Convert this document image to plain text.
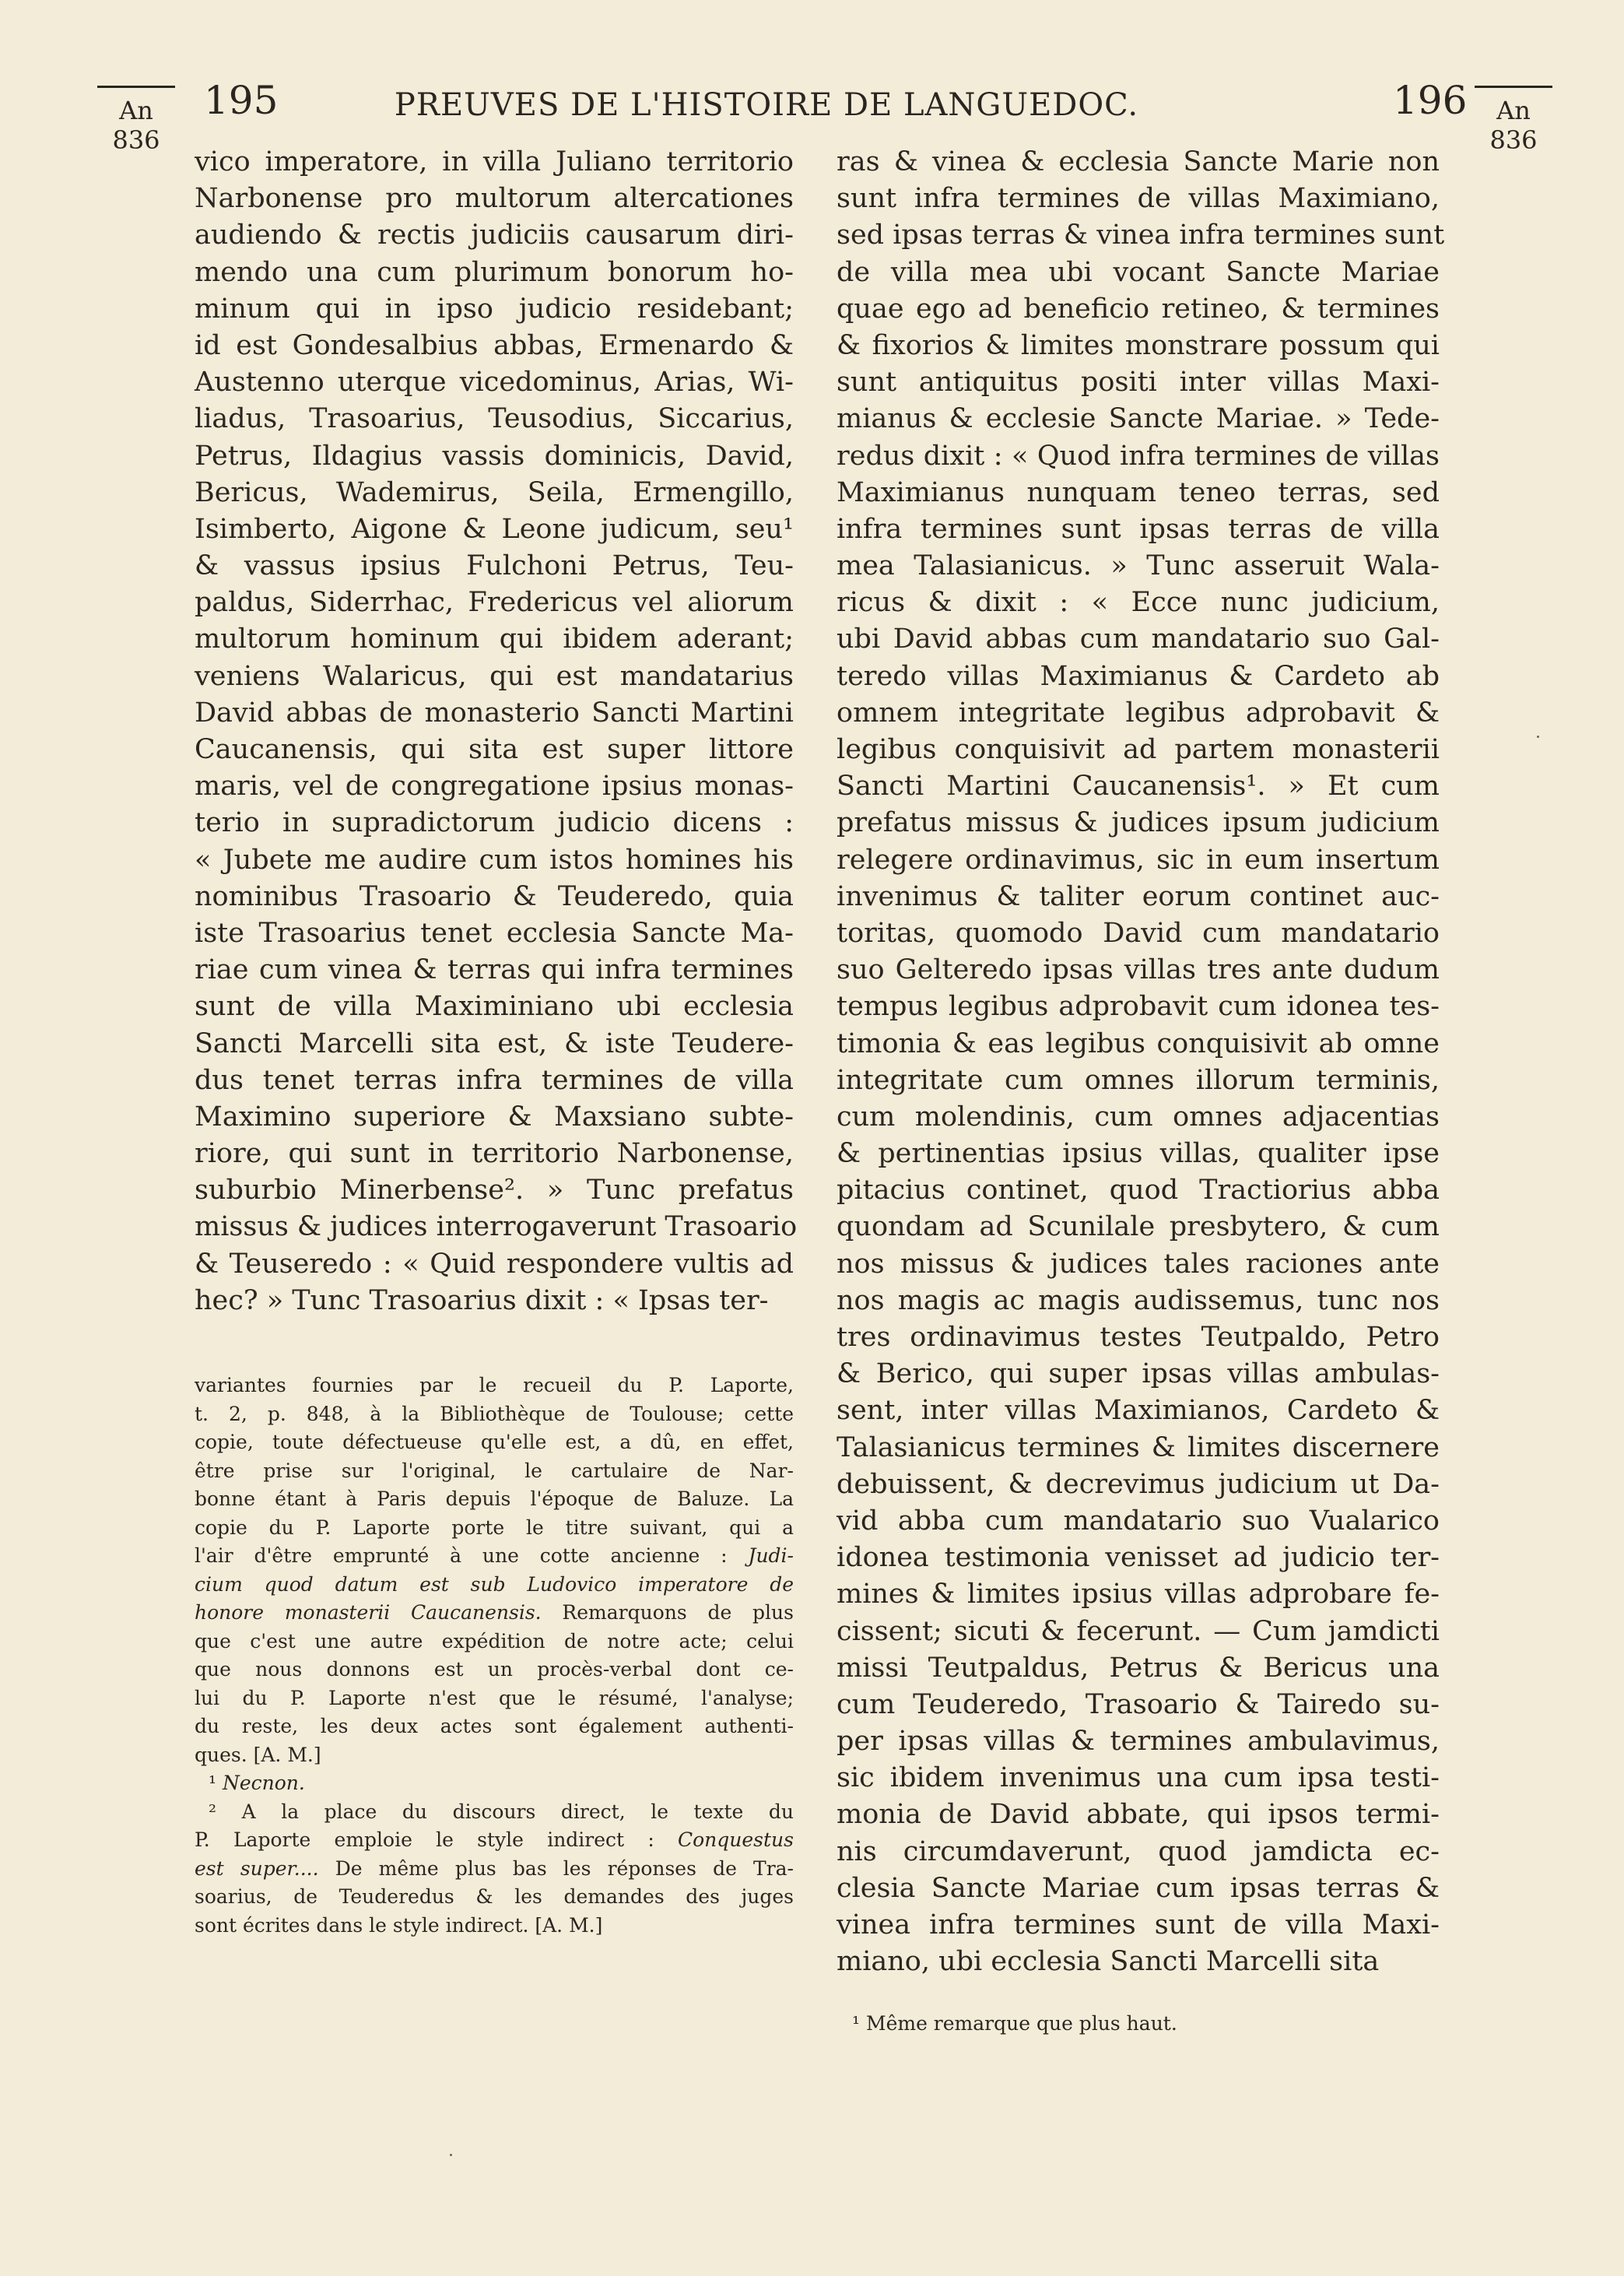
An
836
An
836
195	PREUVES DE L'HISTOIRE DE LANGUEDOC.	196
vico imperatore, in villa Juliano territorio
Narbonense pro multorum altercationes
audiendo & rectis judiciis causarum diri-
mendo una cum plurimum bonorum ho-
minum qui in ipso judicio residebant;
id est Gondesalbius abbas, Ermenardo &
Austenno uterque vicedominus, Arias, Wi-
liadus, Trasoarius, Teusodius, Siccarius,
Petrus, Ildagius vassis dominicis, David,
Bericus, Wademirus, Seila, Ermengillo,
Isimberto, Aigone & Leone judicum, seu¹
& vassus ipsius Fulchoni Petrus, Teu-
paldus, Siderrhac, Fredericus vel aliorum
multorum hominum qui ibidem aderant;
veniens Walaricus, qui est mandatarius
David abbas de monasterio Sancti Martini
Caucanensis, qui sita est super littore
maris, vel de congregatione ipsius monas-
terio in supradictorum judicio dicens :
« Jubete me audire cum istos homines his
nominibus Trasoario & Teuderedo, quia
iste Trasoarius tenet ecclesia Sancte Ma-
riae cum vinea & terras qui infra termines
sunt de villa Maximiniano ubi ecclesia
Sancti Marcelli sita est, & iste Teudere-
dus tenet terras infra termines de villa
Maximino superiore & Maxsiano subte-
riore, qui sunt in territorio Narbonense,
suburbio Minerbense². » Tunc prefatus
missus & judices interrogaverunt Trasoario
& Teuseredo : « Quid respondere vultis ad
hec? » Tunc Trasoarius dixit : « Ipsas ter-
ras & vinea & ecclesia Sancte Marie non
sunt infra termines de villas Maximiano,
sed ipsas terras & vinea infra termines sunt
de villa mea ubi vocant Sancte Mariae
quae ego ad beneficio retineo, & termines
& fixorios & limites monstrare possum qui
sunt antiquitus positi inter villas Maxi-
mianus & ecclesie Sancte Mariae. » Tede-
redus dixit : « Quod infra termines de villas
Maximianus nunquam teneo terras, sed
infra termines sunt ipsas terras de villa
mea Talasianicus. » Tunc asseruit Wala-
ricus & dixit : « Ecce nunc judicium,
ubi David abbas cum mandatario suo Gal-
teredo villas Maximianus & Cardeto ab
omnem integritate legibus adprobavit &
legibus conquisivit ad partem monasterii
Sancti Martini Caucanensis¹. » Et cum
prefatus missus & judices ipsum judicium
relegere ordinavimus, sic in eum insertum
invenimus & taliter eorum continet auc-
toritas, quomodo David cum mandatario
suo Gelteredo ipsas villas tres ante dudum
tempus legibus adprobavit cum idonea tes-
timonia & eas legibus conquisivit ab omne
integritate cum omnes illorum terminis,
cum molendinis, cum omnes adjacentias
& pertinentias ipsius villas, qualiter ipse
pitacius continet, quod Tractiorius abba
quondam ad Scunilale presbytero, & cum
nos missus & judices tales raciones ante
nos magis ac magis audissemus, tunc nos
tres ordinavimus testes Teutpaldo, Petro
& Berico, qui super ipsas villas ambulas-
sent, inter villas Maximianos, Cardeto &
Talasianicus termines & limites discernere
debuissent, & decrevimus judicium ut Da-
vid abba cum mandatario suo Vualarico
idonea testimonia venisset ad judicio ter-
mines & limites ipsius villas adprobare fe-
cissent; sicuti & fecerunt. — Cum jamdicti
missi Teutpaldus, Petrus & Bericus una
cum Teuderedo, Trasoario & Tairedo su-
per ipsas villas & termines ambulavimus,
sic ibidem invenimus una cum ipsa testi-
monia de David abbate, qui ipsos termi-
nis circumdaverunt, quod jamdicta ec-
clesia Sancte Mariae cum ipsas terras &
vinea infra termines sunt de villa Maxi-
miano, ubi ecclesia Sancti Marcelli sita
variantes fournies par le recueil du P. Laporte,
t. 2, p. 848, à la Bibliothèque de Toulouse; cette
copie, toute défectueuse qu'elle est, a dû, en effet,
être prise sur l'original, le cartulaire de Nar-
bonne étant à Paris depuis l'époque de Baluze. La
copie du P. Laporte porte le titre suivant, qui a
l'air d'être emprunté à une cotte ancienne : Judi-
cium quod datum est sub Ludovico imperatore de
honore monasterii Caucanensis. Remarquons de plus
que c'est une autre expédition de notre acte; celui
que nous donnons est un procès-verbal dont ce-
lui du P. Laporte n'est que le résumé, l'analyse;
du reste, les deux actes sont également authenti-
ques. [A. M.]
¹ Necnon.
² A la place du discours direct, le texte du
P. Laporte emploie le style indirect : Conquestus
est super.... De même plus bas les réponses de Tra-
soarius, de Teuderedus & les demandes des juges
sont écrites dans le style indirect. [A. M.]
¹ Même remarque que plus haut.
